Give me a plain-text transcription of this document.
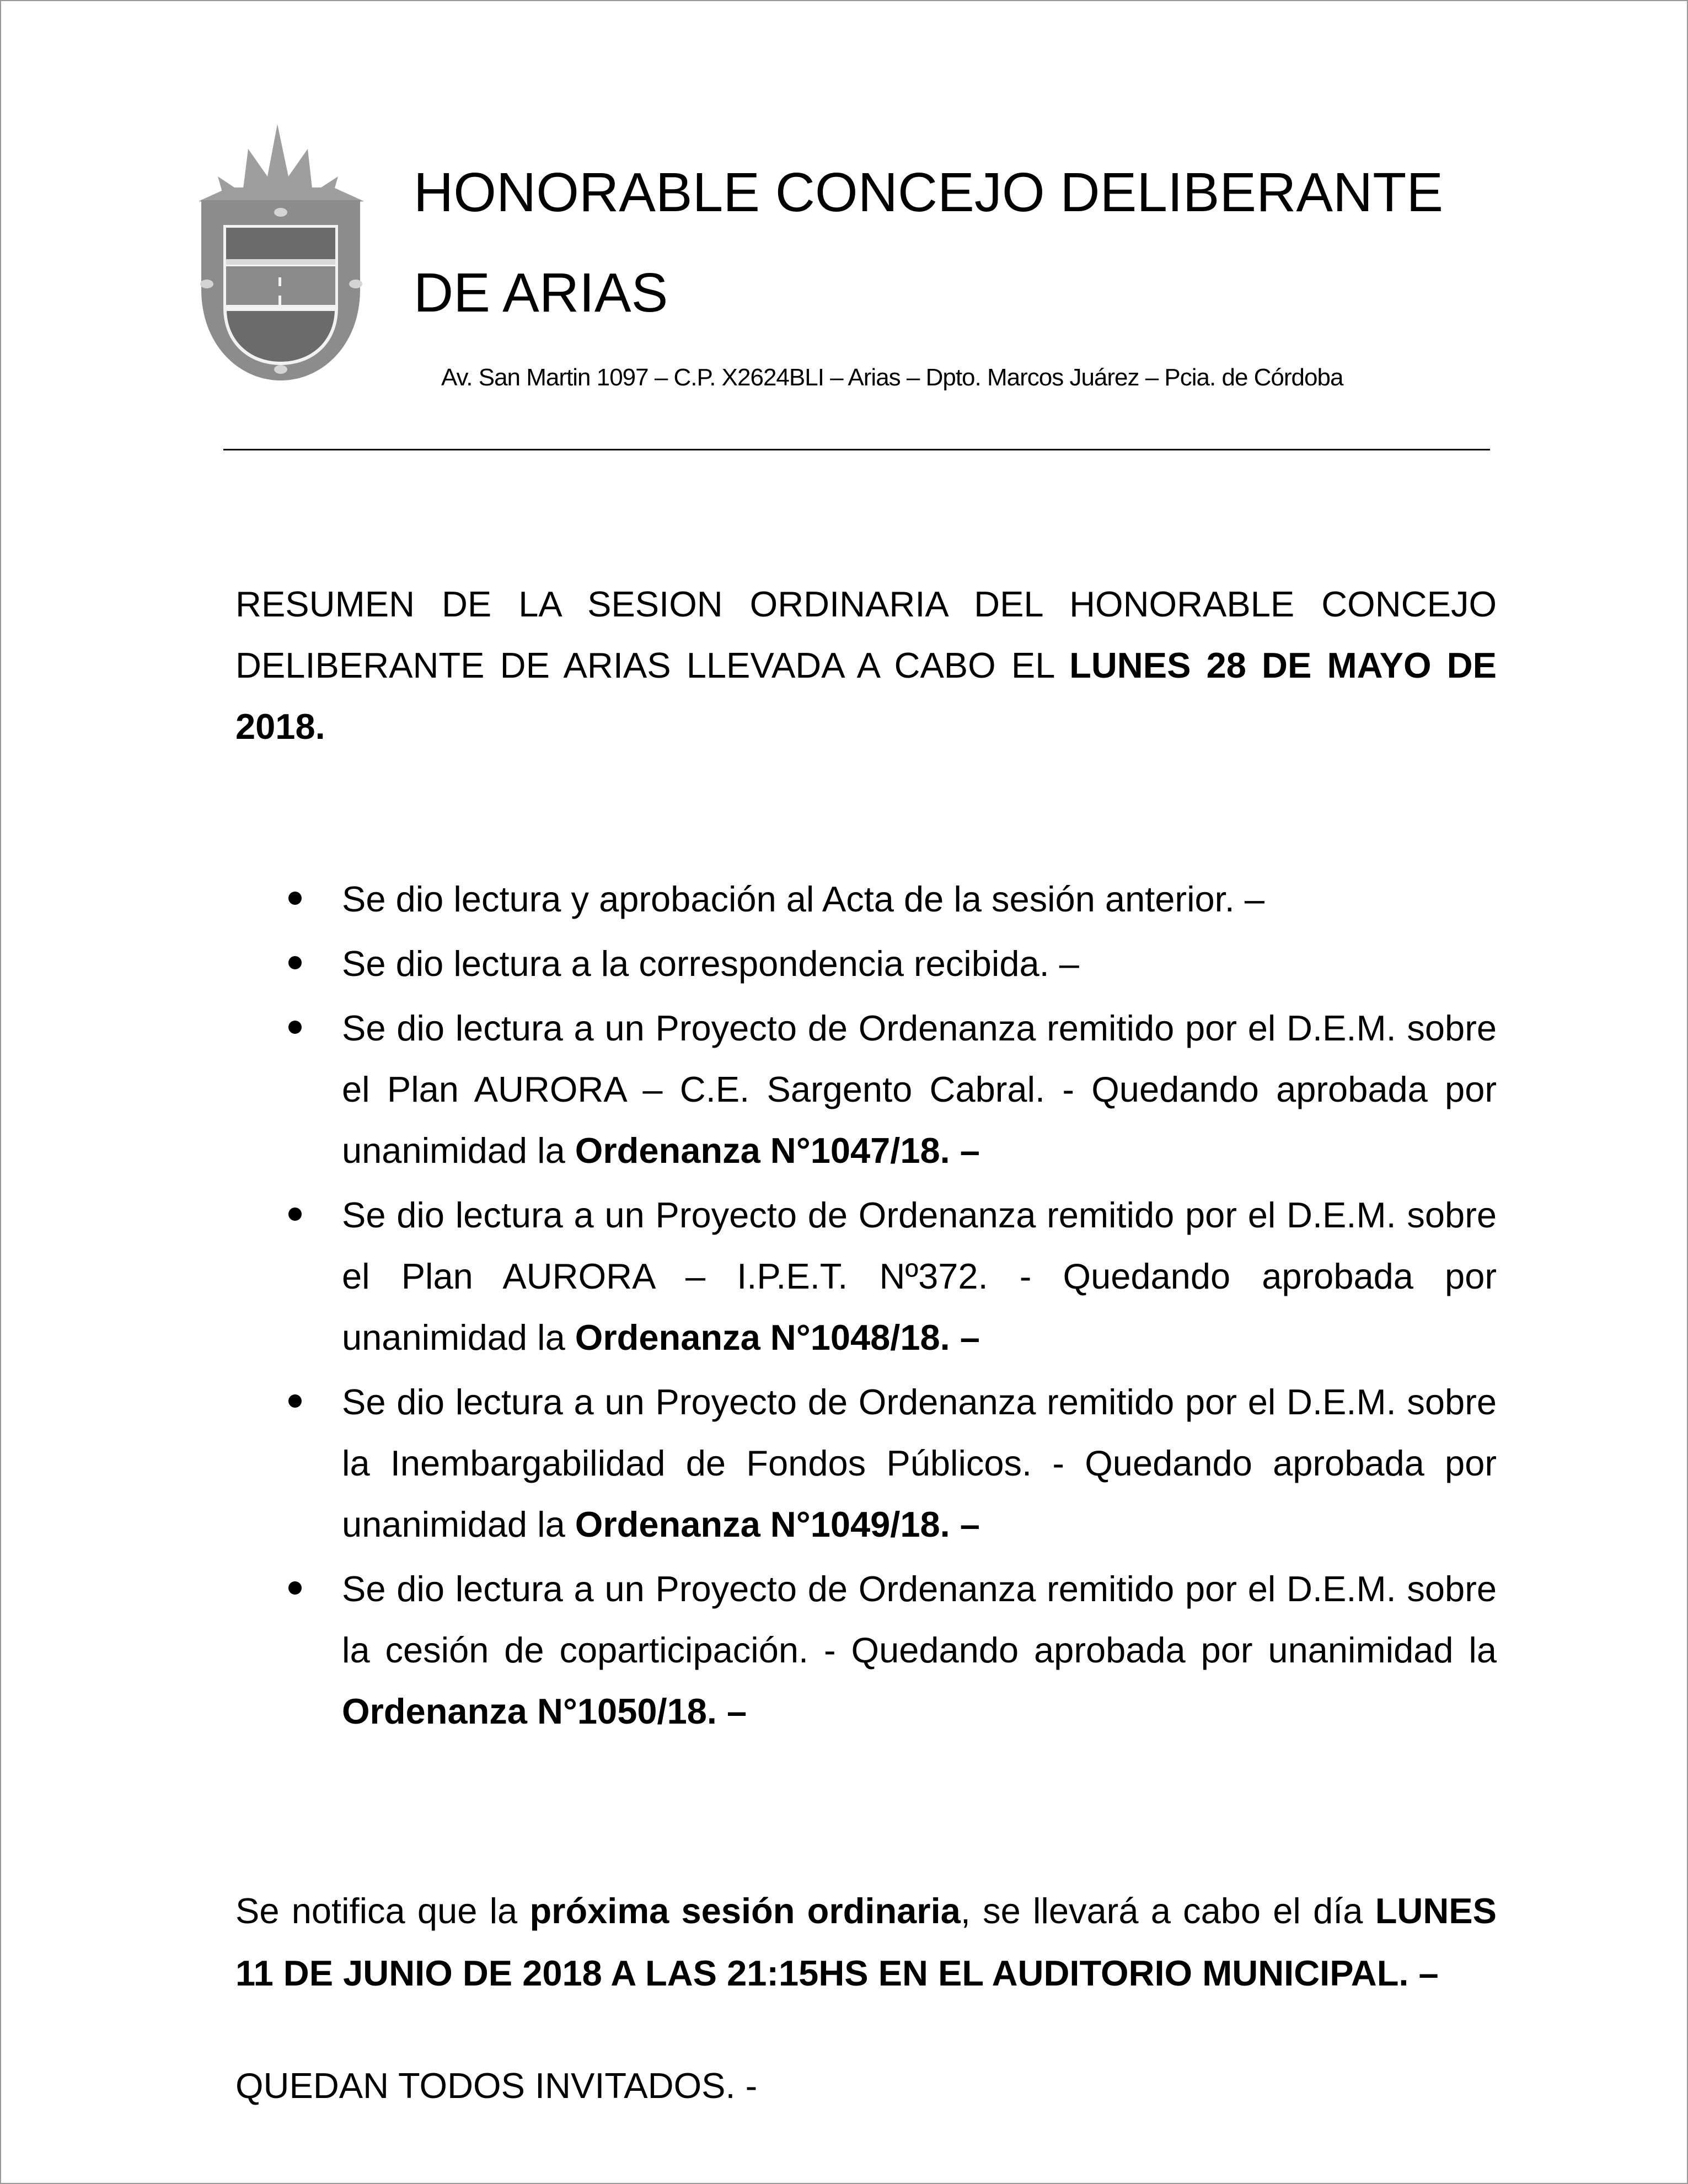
HONORABLE CONCEJO DELIBERANTE
DE ARIAS
Av. San Martin 1097 – C.P. X2624BLI – Arias – Dpto. Marcos Juárez – Pcia. de Córdoba

RESUMEN DE LA SESION ORDINARIA DEL HONORABLE CONCEJO DELIBERANTE DE ARIAS LLEVADA A CABO EL LUNES 28 DE MAYO DE 2018.

Se dio lectura y aprobación al Acta de la sesión anterior. –
Se dio lectura a la correspondencia recibida. –
Se dio lectura a un Proyecto de Ordenanza remitido por el D.E.M. sobre el Plan AURORA – C.E. Sargento Cabral. - Quedando aprobada por unanimidad la Ordenanza N°1047/18. –
Se dio lectura a un Proyecto de Ordenanza remitido por el D.E.M. sobre el Plan AURORA – I.P.E.T. Nº372. - Quedando aprobada por unanimidad la Ordenanza N°1048/18. –
Se dio lectura a un Proyecto de Ordenanza remitido por el D.E.M. sobre la Inembargabilidad de Fondos Públicos. - Quedando aprobada por unanimidad la Ordenanza N°1049/18. –
Se dio lectura a un Proyecto de Ordenanza remitido por el D.E.M. sobre la cesión de coparticipación. - Quedando aprobada por unanimidad la Ordenanza N°1050/18. –

Se notifica que la próxima sesión ordinaria, se llevará a cabo el día LUNES 11 DE JUNIO DE 2018 A LAS 21:15HS EN EL AUDITORIO MUNICIPAL. –

QUEDAN TODOS INVITADOS. -
